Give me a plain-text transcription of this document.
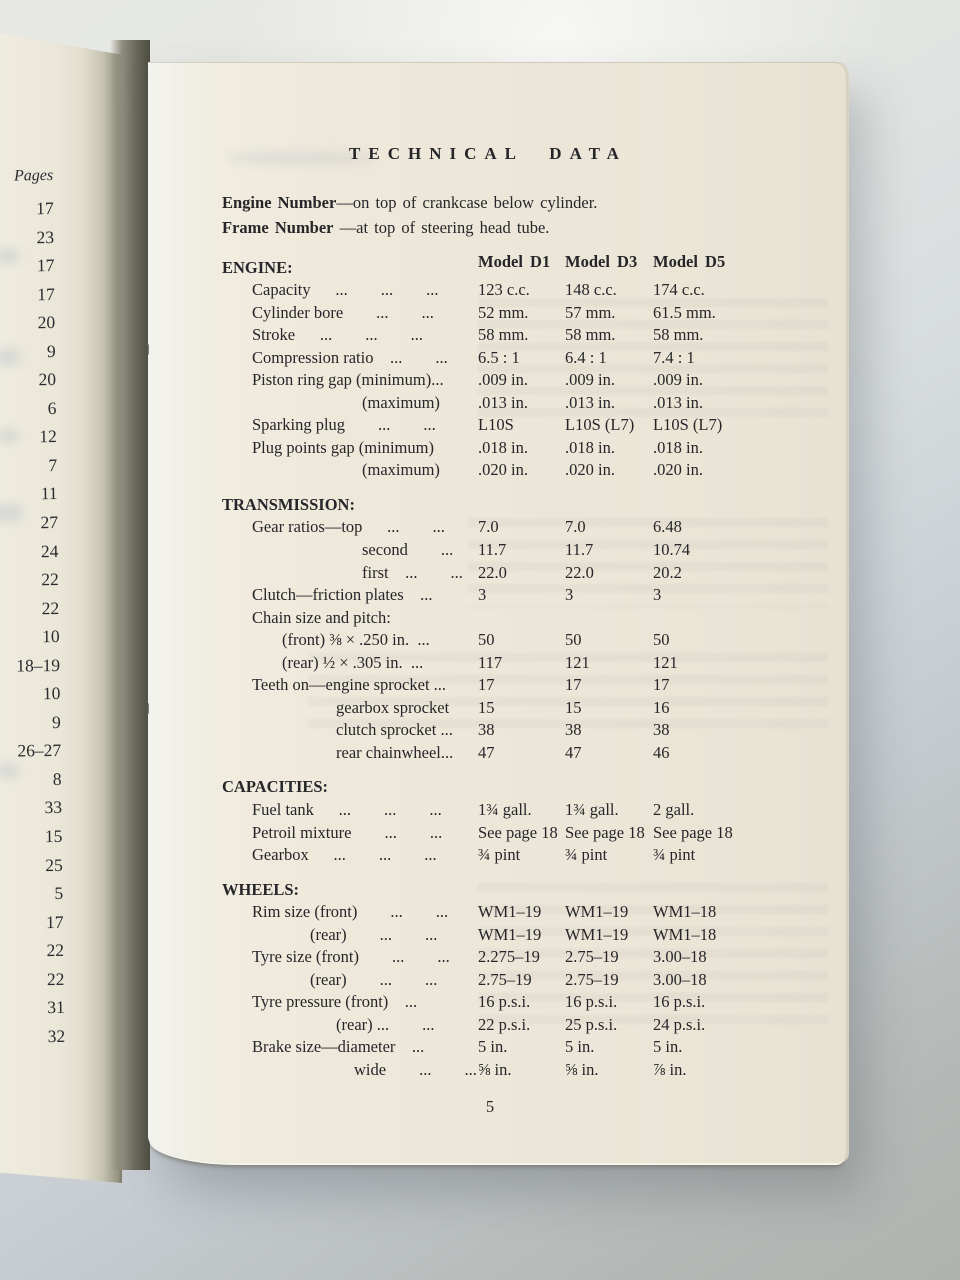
Pages
17
23
17
17
20
9
20
6
12
7
11
27
24
22
22
10
18–19
10
9
26–27
8
33
15
25
5
17
22
22
31
32
TECHNICAL DATA
Engine Number—on top of crankcase below cylinder.
Frame Number —at top of steering head tube.
Model D1 Model D3 Model D5
ENGINE:
Capacity  ...  ...  ...	123 c.c.	148 c.c.	174 c.c.
Cylinder bore  ...  ...	52 mm.	57 mm.	61.5 mm.
Stroke  ...  ...  ...	58 mm.	58 mm.	58 mm.
Compression ratio ...  ...	6.5 : 1	6.4 : 1	7.4 : 1
Piston ring gap (minimum)...	.009 in.	.009 in.	.009 in.
(maximum)	.013 in.	.013 in.	.013 in.
Sparking plug  ...  ...	L10S	L10S (L7)	L10S (L7)
Plug points gap (minimum)	.018 in.	.018 in.	.018 in.
(maximum)	.020 in.	.020 in.	.020 in.
TRANSMISSION:
Gear ratios—top  ...  ...	7.0	7.0	6.48
second  ...	11.7	11.7	10.74
first ...  ... 22.0	22.0	20.2
Clutch—friction plates ...	3	3	3
Chain size and pitch:
(front) ⅜ × .250 in. ...	50	50	50
(rear) ½ × .305 in. ...	117	121	121
Teeth on—engine sprocket ...	17	17	17
gearbox sprocket	15	15	16
clutch sprocket ...	38	38	38
rear chainwheel...	47	47	46
CAPACITIES:
Fuel tank  ...  ...  ...	1¾ gall.	1¾ gall.	2 gall.
Petroil mixture  ...  ...	See page 18 See page 18 See page 18
Gearbox  ...  ...  ...	¾ pint	¾ pint	¾ pint
WHEELS:
Rim size (front)  ...  ...	WM1–19	WM1–19	WM1–18
(rear)  ...  ...	WM1–19	WM1–19	WM1–18
Tyre size (front)  ...  ...	2.275–19	2.75–19	3.00–18
(rear)  ...  ...	2.75–19	2.75–19	3.00–18
Tyre pressure (front) ...	16 p.s.i.	16 p.s.i.	16 p.s.i.
(rear) ...  ...	22 p.s.i.	25 p.s.i.	24 p.s.i.
Brake size—diameter ...	5 in.	5 in.	5 in.
wide  ...  ... ⅝ in.	⅝ in.	⅞ in.
5
